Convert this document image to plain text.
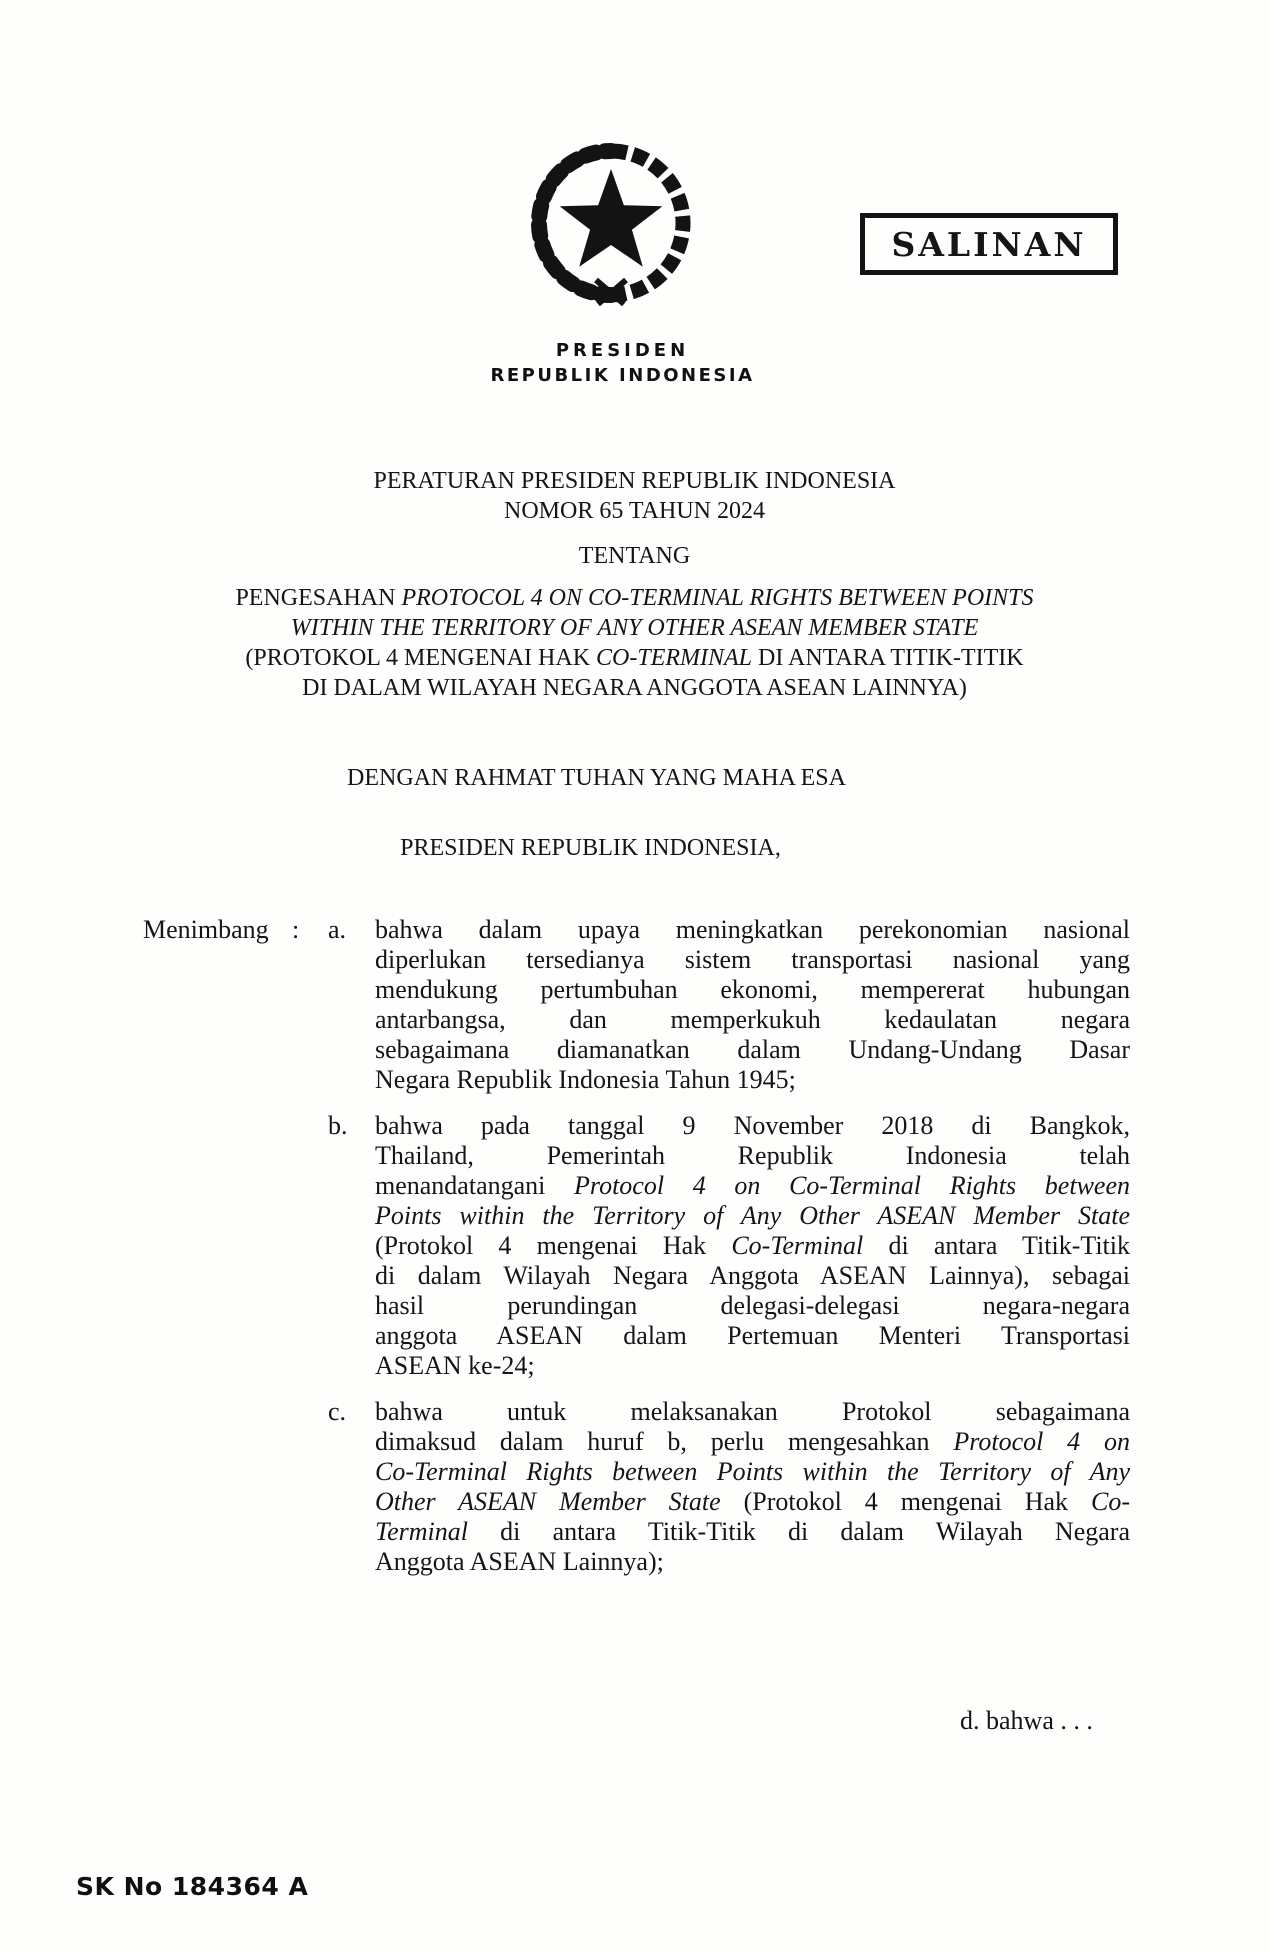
SALINAN
PRESIDEN
REPUBLIK INDONESIA
PERATURAN PRESIDEN REPUBLIK INDONESIA
NOMOR 65 TAHUN 2024
TENTANG
PENGESAHAN PROTOCOL 4 ON CO-TERMINAL RIGHTS BETWEEN POINTS
WITHIN THE TERRITORY OF ANY OTHER ASEAN MEMBER STATE
(PROTOKOL 4 MENGENAI HAK CO-TERMINAL DI ANTARA TITIK-TITIK
DI DALAM WILAYAH NEGARA ANGGOTA ASEAN LAINNYA)
DENGAN RAHMAT TUHAN YANG MAHA ESA
PRESIDEN REPUBLIK INDONESIA,
Menimbang : a.	bahwa dalam upaya meningkatkan perekonomian nasional
diperlukan tersedianya sistem transportasi nasional yang
mendukung pertumbuhan ekonomi, mempererat hubungan
antarbangsa, dan memperkukuh kedaulatan negara
sebagaimana diamanatkan dalam Undang-Undang Dasar
Negara Republik Indonesia Tahun 1945;
b.	bahwa pada tanggal 9 November 2018 di Bangkok,
Thailand, Pemerintah Republik Indonesia telah
menandatangani Protocol 4 on Co-Terminal Rights between
Points within the Territory of Any Other ASEAN Member State
(Protokol 4 mengenai Hak Co-Terminal di antara Titik-Titik
di dalam Wilayah Negara Anggota ASEAN Lainnya), sebagai
hasil perundingan delegasi-delegasi negara-negara
anggota ASEAN dalam Pertemuan Menteri Transportasi
ASEAN ke-24;
c.	bahwa untuk melaksanakan Protokol sebagaimana
dimaksud dalam huruf b, perlu mengesahkan Protocol 4 on
Co-Terminal Rights between Points within the Territory of Any
Other ASEAN Member State (Protokol 4 mengenai Hak Co-
Terminal di antara Titik-Titik di dalam Wilayah Negara
Anggota ASEAN Lainnya);
d. bahwa . . .
SK No 184364 A
